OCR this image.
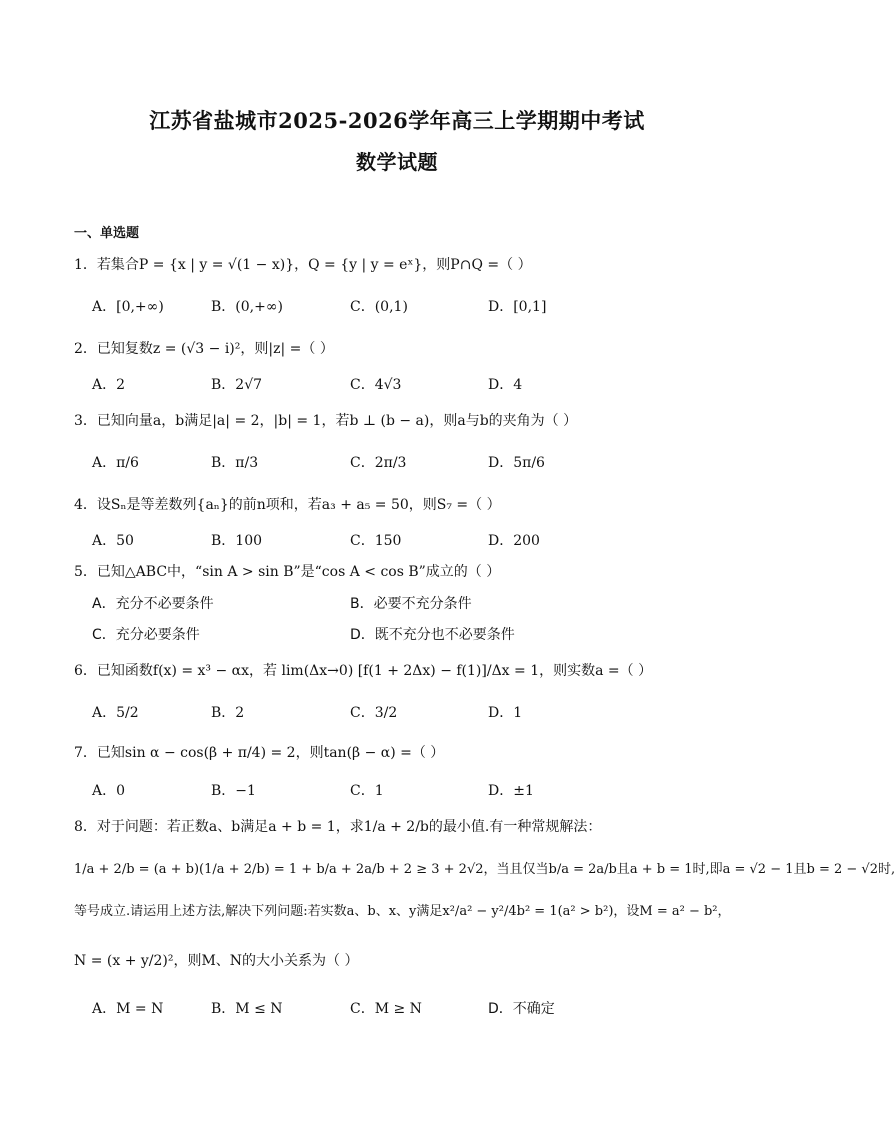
江苏省盐城市2025-2026学年高三上学期期中考试
数学试题
一、单选题
1．若集合P = {x | y = √(1 − x)}，Q = {y | y = eˣ}，则P∩Q =（ ）
A．[0,+∞)	B．(0,+∞)	C．(0,1)	D．[0,1]
2．已知复数z = (√3 − i)²，则|z| =（ ）
A．2	B．2√7	C．4√3	D．4
3．已知向量a，b满足|a| = 2，|b| = 1，若b ⊥ (b − a)，则a与b的夹角为（ ）
A．π/6	B．π/3	C．2π/3	D．5π/6
4．设Sₙ是等差数列{aₙ}的前n项和，若a₃ + a₅ = 50，则S₇ =（ ）
A．50	B．100	C．150	D．200
5．已知△ABC中，“sin A > sin B”是“cos A < cos B”成立的（ ）
A．充分不必要条件	B．必要不充分条件
C．充分必要条件	D．既不充分也不必要条件
6．已知函数f(x) = x³ − αx，若 lim(Δx→0) [f(1 + 2Δx) − f(1)]/Δx = 1，则实数a =（ ）
A．5/2	B．2	C．3/2	D．1
7．已知sin α − cos(β + π/4) = 2，则tan(β − α) =（ ）
A．0	B．−1	C．1	D．±1
8．对于问题：若正数a、b满足a + b = 1，求1/a + 2/b的最小值.有一种常规解法：
1/a + 2/b = (a + b)(1/a + 2/b) = 1 + b/a + 2a/b + 2 ≥ 3 + 2√2，当且仅当b/a = 2a/b且a + b = 1时,即a = √2 − 1且b = 2 − √2时,
等号成立.请运用上述方法,解决下列问题:若实数a、b、x、y满足x²/a² − y²/4b² = 1(a² > b²)，设M = a² − b²，
N = (x + y/2)²，则M、N的大小关系为（ ）
A．M = N	B．M ≤ N	C．M ≥ N	D．不确定
